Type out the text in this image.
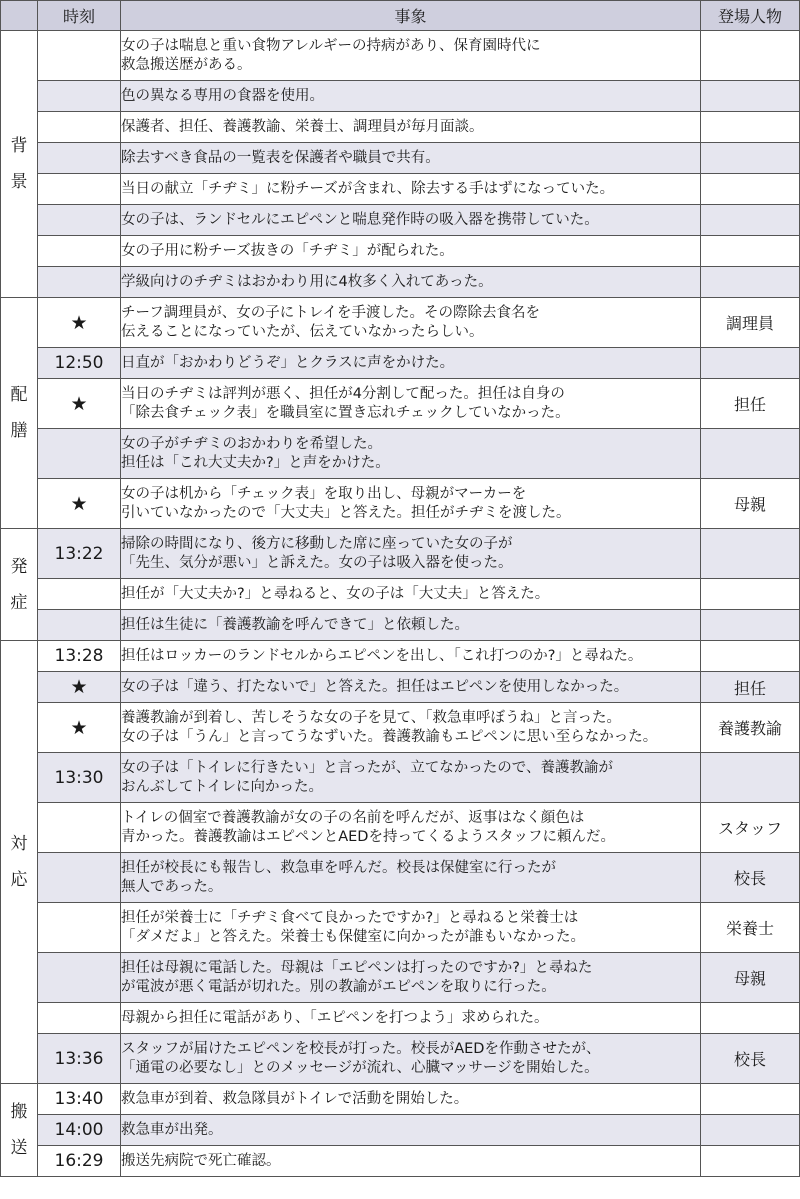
	時刻	事象	登場人物
背景		女の子は喘息と重い食物アレルギーの持病があり、保育園時代に
救急搬送歴がある。	

		色の異なる専用の食器を使用。	

		保護者、担任、養護教諭、栄養士、調理員が毎月面談。	

		除去すべき食品の一覧表を保護者や職員で共有。	

		当日の献立「チヂミ」に粉チーズが含まれ、除去する手はずになっていた。	

		女の子は、ランドセルにエピペンと喘息発作時の吸入器を携帯していた。	

		女の子用に粉チーズ抜きの「チヂミ」が配られた。	

		学級向けのチヂミはおかわり用に4枚多く入れてあった。	

配膳	★	チーフ調理員が、女の子にトレイを手渡した。その際除去食名を
伝えることになっていたが、伝えていなかったらしい。	調理員
	12:50	日直が「おかわりどうぞ」とクラスに声をかけた。	

	★	当日のチヂミは評判が悪く、担任が4分割して配った。担任は自身の
「除去食チェック表」を職員室に置き忘れチェックしていなかった。	担任

		女の子がチヂミのおかわりを希望した。
担任は「これ大丈夫か?」と声をかけた。	

	★	女の子は机から「チェック表」を取り出し、母親がマーカーを
引いていなかったので「大丈夫」と答えた。担任がチヂミを渡した。	母親
発症	13:22	掃除の時間になり、後方に移動した席に座っていた女の子が
「先生、気分が悪い」と訴えた。女の子は吸入器を使った。	

		担任が「大丈夫か?」と尋ねると、女の子は「大丈夫」と答えた。	

		担任は生徒に「養護教諭を呼んできて」と依頼した。	

対応	13:28	担任はロッカーのランドセルからエピペンを出し、「これ打つのか?」と尋ねた。	

	★	女の子は「違う、打たないで」と答えた。担任はエピペンを使用しなかった。	担任
	★	養護教諭が到着し、苦しそうな女の子を見て、「救急車呼ぼうね」と言った。
女の子は「うん」と言ってうなずいた。養護教諭もエピペンに思い至らなかった。	養護教諭
	13:30	女の子は「トイレに行きたい」と言ったが、立てなかったので、養護教諭が
おんぶしてトイレに向かった。	

		トイレの個室で養護教諭が女の子の名前を呼んだが、返事はなく顔色は
青かった。養護教諭はエピペンとAEDを持ってくるようスタッフに頼んだ。	スタッフ

		担任が校長にも報告し、救急車を呼んだ。校長は保健室に行ったが
無人であった。	校長

		担任が栄養士に「チヂミ食べて良かったですか?」と尋ねると栄養士は
「ダメだよ」と答えた。栄養士も保健室に向かったが誰もいなかった。	栄養士

		担任は母親に電話した。母親は「エピペンは打ったのですか?」と尋ねた
が電波が悪く電話が切れた。別の教諭がエピペンを取りに行った。	母親

		母親から担任に電話があり、「エピペンを打つよう」求められた。	

	13:36	スタッフが届けたエピペンを校長が打った。校長がAEDを作動させたが、
「通電の必要なし」とのメッセージが流れ、心臓マッサージを開始した。	校長
搬送	13:40	救急車が到着、救急隊員がトイレで活動を開始した。	

	14:00	救急車が出発。	

	16:29	搬送先病院で死亡確認。	
